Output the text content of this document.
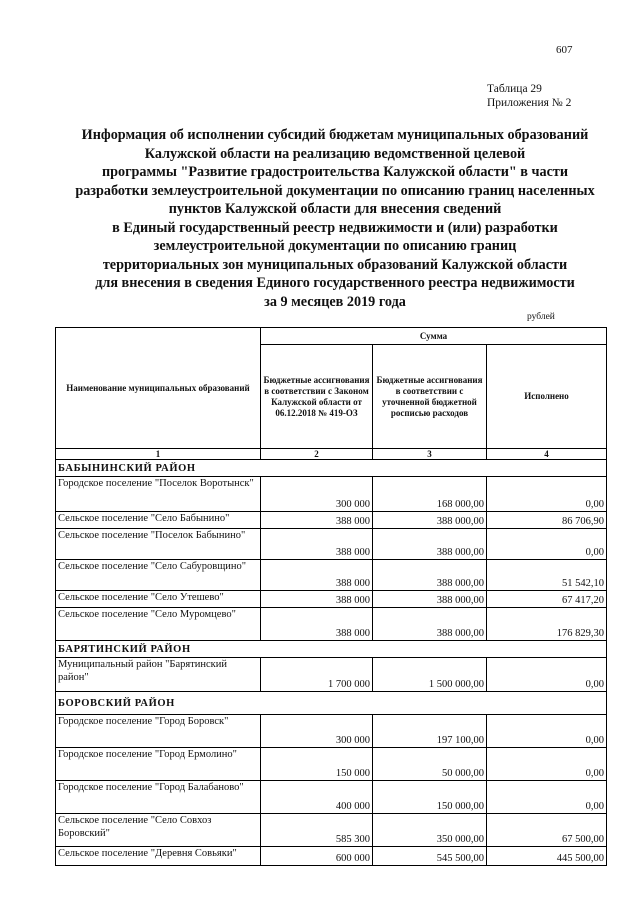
607
Таблица 29
Приложения № 2
Информация об исполнении субсидий бюджетам муниципальных образований
Калужской области на реализацию ведомственной целевой
программы "Развитие градостроительства Калужской области" в части
разработки землеустроительной документации по описанию границ населенных
пунктов Калужской области для внесения сведений
в Единый государственный реестр недвижимости и (или) разработки
землеустроительной документации по описанию границ
территориальных зон муниципальных образований Калужской области
для внесения в сведения Единого государственного реестра недвижимости
за 9 месяцев 2019 года
рублей
Наименование муниципальных образований	Сумма		
	Бюджетные ассигнования в соответствии с Законом Калужской области от 06.12.2018 № 419-ОЗ	Бюджетные ассигнования в соответствии с уточненной бюджетной росписью расходов	Исполнено
1	2	3	4
БАБЫНИНСКИЙ РАЙОН			
Городское поселение "Поселок Воротынск"	300 000	168 000,00	0,00
Сельское поселение "Село Бабынино"	388 000	388 000,00	86 706,90
Сельское поселение "Поселок Бабынино"	388 000	388 000,00	0,00
Сельское поселение "Село Сабуровщино"	388 000	388 000,00	51 542,10
Сельское поселение "Село Утешево"	388 000	388 000,00	67 417,20
Сельское поселение "Село Муромцево"	388 000	388 000,00	176 829,30
БАРЯТИНСКИЙ РАЙОН			
Муниципальный район "Барятинский район"	1 700 000	1 500 000,00	0,00
БОРОВСКИЙ РАЙОН			
Городское поселение "Город Боровск"	300 000	197 100,00	0,00
Городское поселение "Город Ермолино"	150 000	50 000,00	0,00
Городское поселение "Город Балабаново"	400 000	150 000,00	0,00
Сельское поселение "Село Совхоз Боровский"	585 300	350 000,00	67 500,00
Сельское поселение "Деревня Совьяки"	600 000	545 500,00	445 500,00
